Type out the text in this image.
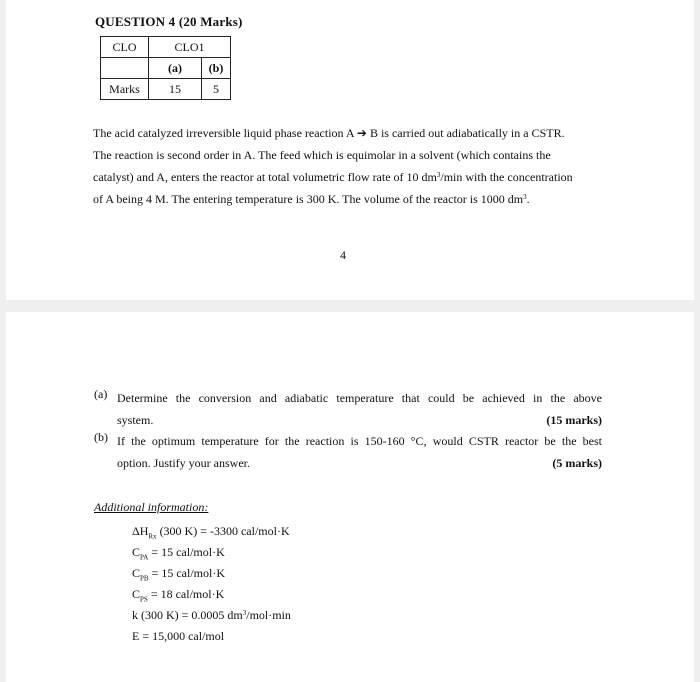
QUESTION 4 (20 Marks)
CLO	CLO1	
	(a)	(b)
Marks	15	5

The acid catalyzed irreversible liquid phase reaction A ➔ B is carried out adiabatically in a CSTR.

The reaction is second order in A. The feed which is equimolar in a solvent (which contains the

catalyst) and A, enters the reactor at total volumetric flow rate of 10 $dm^3/\min$ with the concentration

of A being 4 M. The entering temperature is 300 K. The volume of the reactor is 1000 $dm^3$.

4
(a) Determine the conversion and adiabatic temperature that could be achieved in the above
system.	(15 marks)
(b) If the optimum temperature for the reaction is 150-160 °C, would CSTR reactor be the best
option. Justify your answer.	(5 marks)
Additional information:
$\Delta H_{Rx}$ (300 K) = -3300 cal/mol·K
$C_{PA} = 15$ cal/mol·K
$C_{PB} = 15$ cal/mol·K
$C_{PS} = 18$ cal/mol·K
k (300 K) = 0.0005 $dm^3/mol\cdot\min$
E = 15,000 cal/mol
